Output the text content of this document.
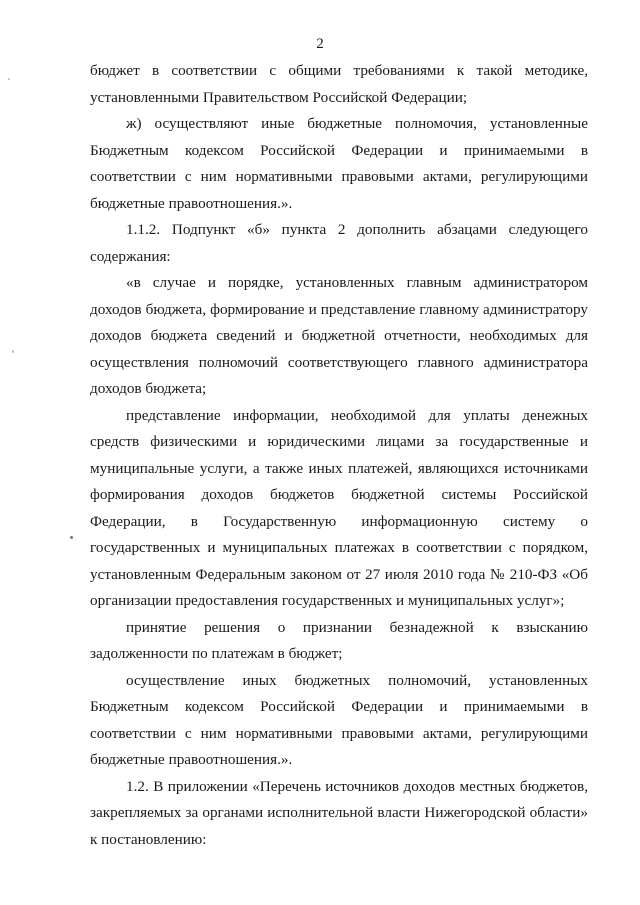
2

бюджет в соответствии с общими требованиями к такой методике, установленными Правительством Российской Федерации;

ж) осуществляют иные бюджетные полномочия, установленные Бюджетным кодексом Российской Федерации и принимаемыми в соответствии с ним нормативными правовыми актами, регулирующими бюджетные правоотношения.».

1.1.2. Подпункт «б» пункта 2 дополнить абзацами следующего содержания:

«в случае и порядке, установленных главным администратором доходов бюджета, формирование и представление главному администратору доходов бюджета сведений и бюджетной отчетности, необходимых для осуществления полномочий соответствующего главного администратора доходов бюджета;

представление информации, необходимой для уплаты денежных средств физическими и юридическими лицами за государственные и муниципальные услуги, а также иных платежей, являющихся источниками формирования доходов бюджетов бюджетной системы Российской Федерации, в Государственную информационную систему о государственных и муниципальных платежах в соответствии с порядком, установленным Федеральным законом от 27 июля 2010 года № 210-ФЗ «Об организации предоставления государственных и муниципальных услуг»;

принятие решения о признании безнадежной к взысканию задолженности по платежам в бюджет;

осуществление иных бюджетных полномочий, установленных Бюджетным кодексом Российской Федерации и принимаемыми в соответствии с ним нормативными правовыми актами, регулирующими бюджетные правоотношения.».

1.2. В приложении «Перечень источников доходов местных бюджетов, закрепляемых за органами исполнительной власти Нижегородской области» к постановлению:
